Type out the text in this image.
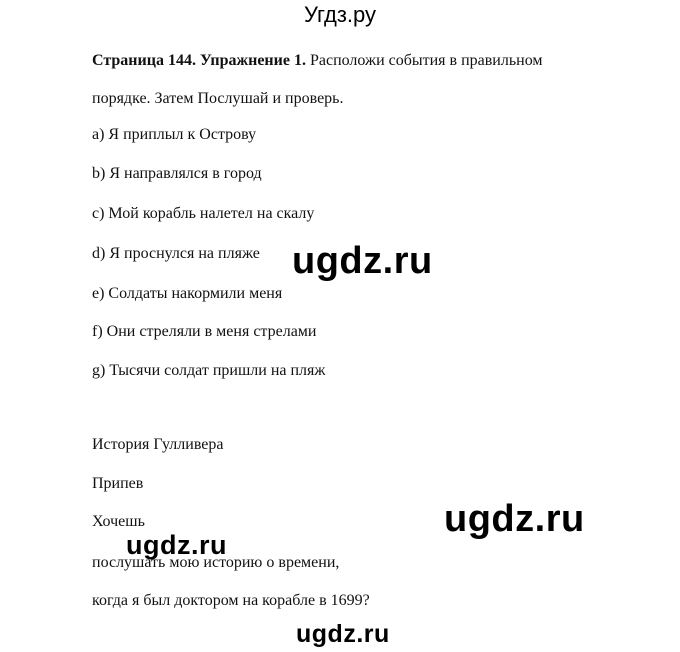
Угдз.ру
Страница 144. Упражнение 1. Расположи события в правильном
порядке. Затем Послушай и проверь.
a) Я приплыл к Острову
b) Я направлялся в город
c) Мой корабль налетел на скалу
d) Я проснулся на пляже
e) Солдаты накормили меня
f) Они стреляли в меня стрелами
g) Тысячи солдат пришли на пляж
История Гулливера
Припев
Хочешь
послушать мою историю о времени,
когда я был доктором на корабле в 1699?
ugdz.ru
ugdz.ru
ugdz.ru
ugdz.ru
